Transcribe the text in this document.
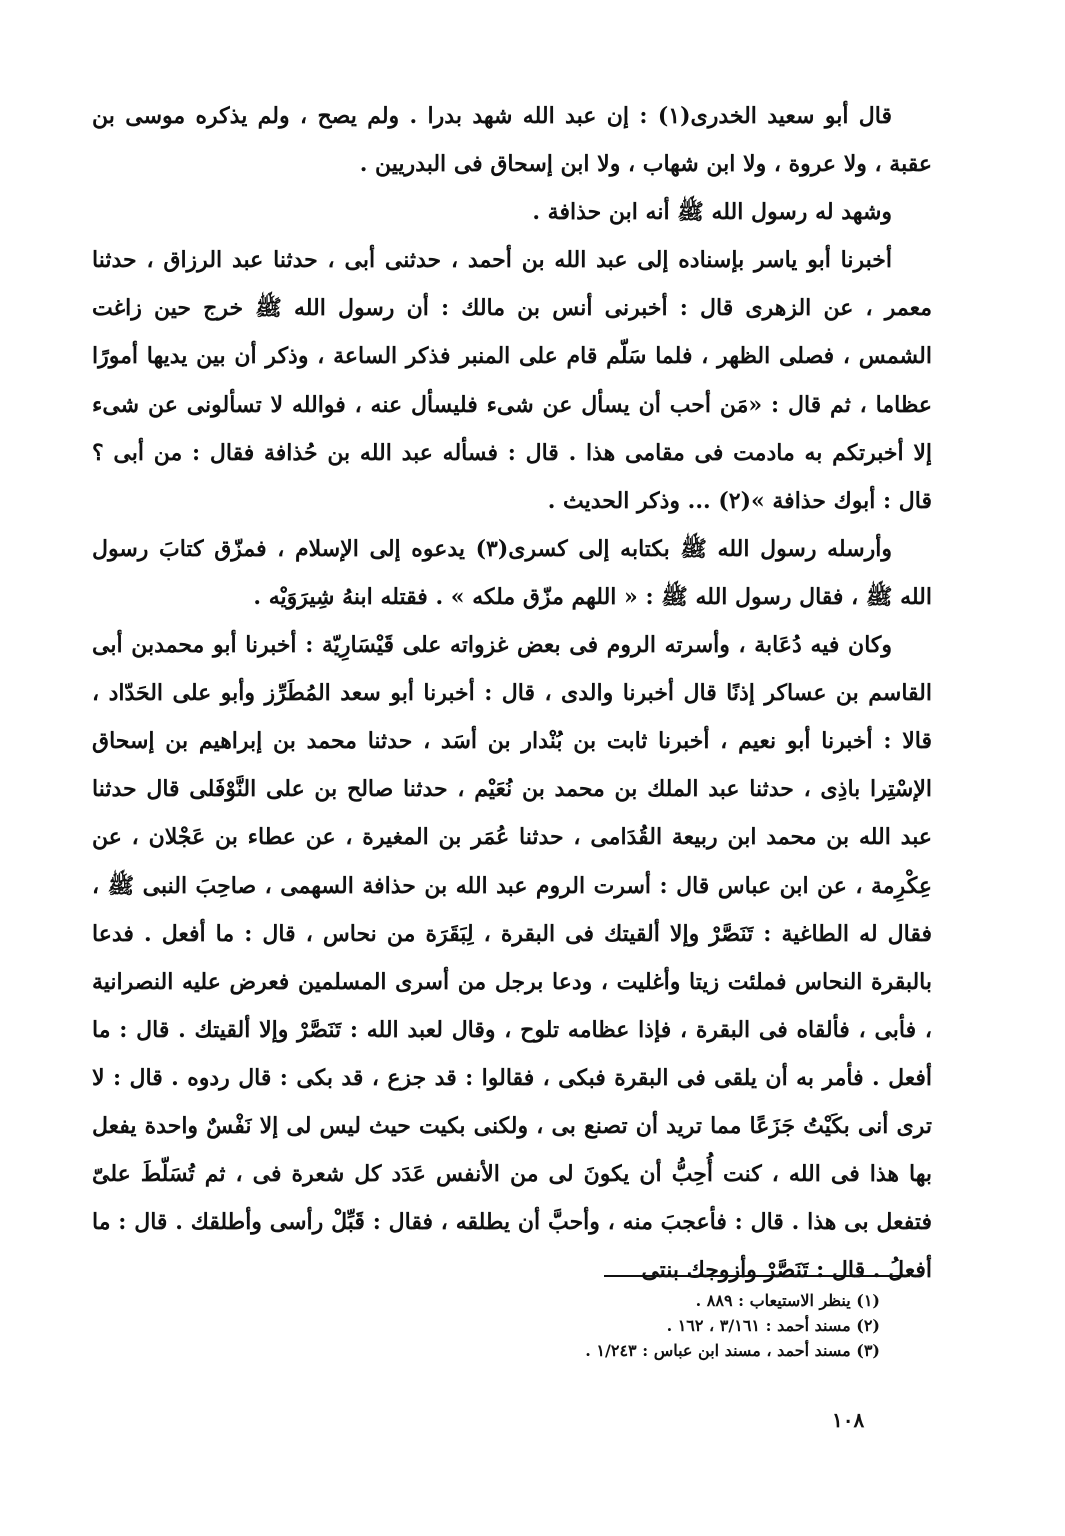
قال أبو سعيد الخدرى(١) : إن عبد الله شهد بدرا . ولم يصح ، ولم يذكره موسى بن عقبة ، ولا عروة ، ولا ابن شهاب ، ولا ابن إسحاق فى البدريين .

وشهد له رسول الله ﷺ أنه ابن حذافة .

أخبرنا أبو ياسر بإسناده إلى عبد الله بن أحمد ، حدثنى أبى ، حدثنا عبد الرزاق ، حدثنا معمر ، عن الزهرى قال : أخبرنى أنس بن مالك : أن رسول الله ﷺ خرج حين زاغت الشمس ، فصلى الظهر ، فلما سَلّم قام على المنبر فذكر الساعة ، وذكر أن بين يديها أمورًا عظاما ، ثم قال : «مَن أحب أن يسأل عن شىء فليسأل عنه ، فوالله لا تسألونى عن شىء إلا أخبرتكم به مادمت فى مقامى هذا . قال : فسأله عبد الله بن حُذافة فقال : من أبى ؟ قال : أبوك حذافة »(٢) ... وذكر الحديث .

وأرسله رسول الله ﷺ بكتابه إلى كسرى(٣) يدعوه إلى الإسلام ، فمزّق كتابَ رسول الله ﷺ ، فقال رسول الله ﷺ : « اللهم مزّق ملكه » . فقتله ابنهُ شِيرَوَيْه .

وكان فيه دُعَابة ، وأسرته الروم فى بعض غزواته على قَيْسَارِيّة : أخبرنا أبو محمدبن أبى القاسم بن عساكر إذنًا قال أخبرنا والدى ، قال : أخبرنا أبو سعد المُطَرِّز وأبو على الحَدّاد ، قالا : أخبرنا أبو نعيم ، أخبرنا ثابت بن بُنْدار بن أسَد ، حدثنا محمد بن إبراهيم بن إسحاق الإسْتِرا باذِى ، حدثنا عبد الملك بن محمد بن نُعَيْم ، حدثنا صالح بن على النَّوْفَلى قال حدثنا عبد الله بن محمد ابن ربيعة القُدَامى ، حدثنا عُمَر بن المغيرة ، عن عطاء بن عَجْلان ، عن عِكْرِمة ، عن ابن عباس قال : أسرت الروم عبد الله بن حذافة السهمى ، صاحِبَ النبى ﷺ ، فقال له الطاغية : تَنَصَّرْ وإلا ألقيتك فى البقرة ، لِبَقَرَة من نحاس ، قال : ما أفعل . فدعا بالبقرة النحاس فملئت زيتا وأغليت ، ودعا برجل من أسرى المسلمين فعرض عليه النصرانية ، فأبى ، فألقاه فى البقرة ، فإذا عظامه تلوح ، وقال لعبد الله : تَنَصَّرْ وإلا ألقيتك . قال : ما أفعل . فأمر به أن يلقى فى البقرة فبكى ، فقالوا : قد جزع ، قد بكى : قال ردوه . قال : لا ترى أنى بكَيْتُ جَزَعًا مما تريد أن تصنع بى ، ولكنى بكيت حيث ليس لى إلا نَفْسٌ واحدة يفعل بها هذا فى الله ، كنت أُحِبُّ أن يكونَ لى من الأنفس عَدَد كل شعرة فى ، ثم تُسَلّطَ علىّ فتفعل بى هذا . قال : فأعجبَ منه ، وأحبَّ أن يطلقه ، فقال : قَبِّلْ رأسى وأطلقك . قال : ما أفعلُ . قال : تَنَصَّرْ وأزوجك بنتى

(١) ينظر الاستيعاب : ٨٨٩ .
(٢) مسند أحمد : ٣/١٦١ ، ١٦٢ .
(٣) مسند أحمد ، مسند ابن عباس : ١/٢٤٣ .
١٠٨
